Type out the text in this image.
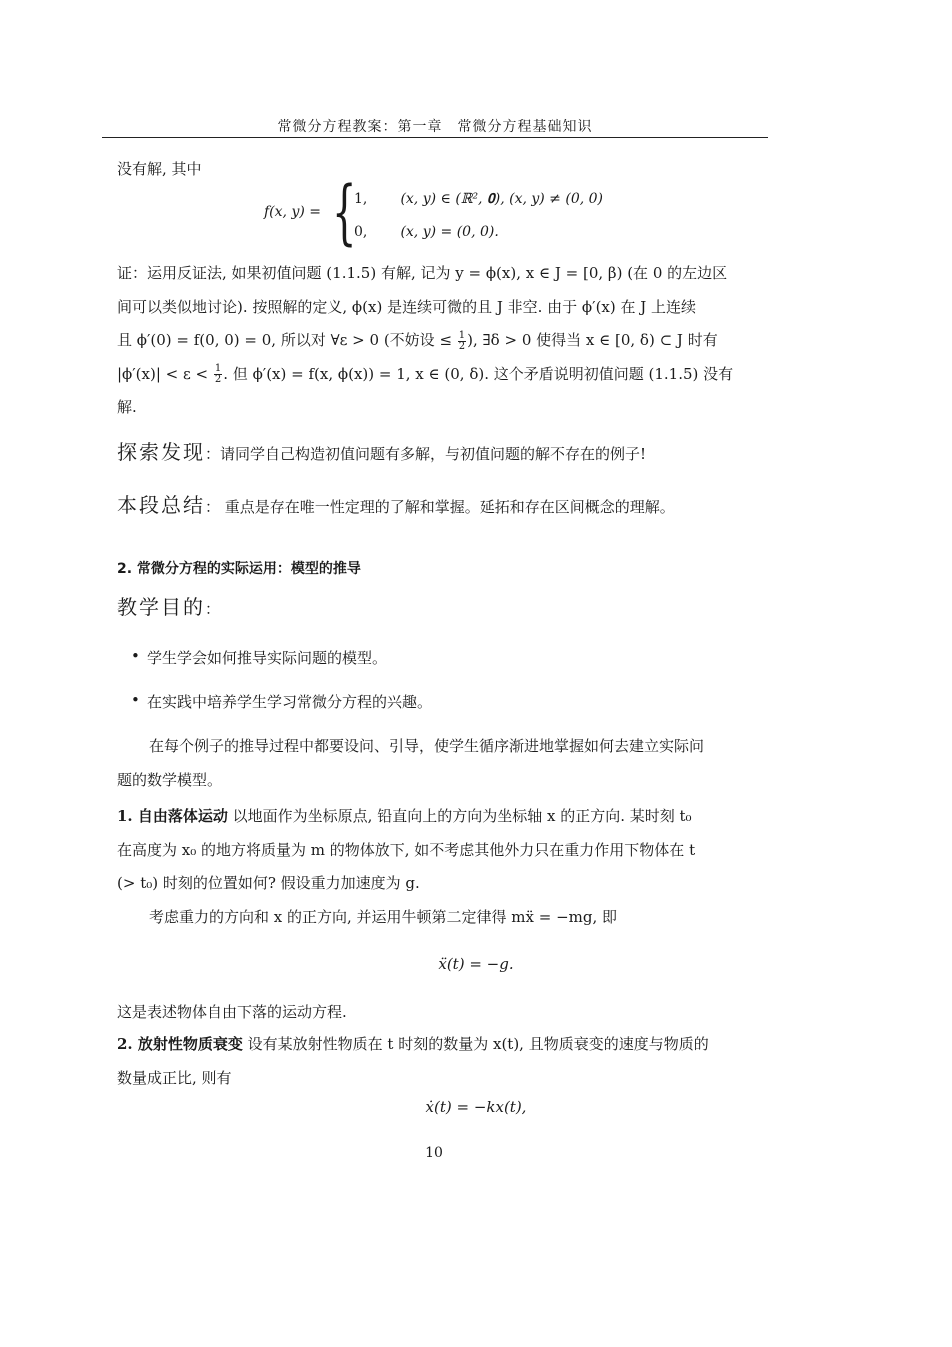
常微分方程教案：第一章　常微分方程基础知识
没有解, 其中
f(x, y) = {
1, (x, y) ∈ (ℝ², 𝟎), (x, y) ≠ (0, 0)
0, (x, y) = (0, 0).
证：运用反证法, 如果初值问题 (1.1.5) 有解, 记为 y = ϕ(x), x ∈ J = [0, β) (在 0 的左边区
间可以类似地讨论). 按照解的定义, ϕ(x) 是连续可微的且 J 非空. 由于 ϕ′(x) 在 J 上连续
且 ϕ′(0) = f(0, 0) = 0, 所以对 ∀ε > 0 (不妨设 ≤ $\frac{1}{2}$ ), ∃δ > 0 使得当 x ∈ [0, δ) ⊂ J 时有
$|\phi'(x)| < \varepsilon < \frac{1}{2}$ . 但 ϕ′(x) = f(x, ϕ(x)) = 1, x ∈ (0, δ). 这个矛盾说明初值问题 (1.1.5) 没有
解.
探索发现：请同学自己构造初值问题有多解，与初值问题的解不存在的例子!
本段总结： 重点是存在唯一性定理的了解和掌握。延拓和存在区间概念的理解。
2. 常微分方程的实际运用：模型的推导
教学目的：
• 学生学会如何推导实际问题的模型。
• 在实践中培养学生学习常微分方程的兴趣。
在每个例子的推导过程中都要设问、引导，使学生循序渐进地掌握如何去建立实际问
题的数学模型。
1. 自由落体运动 以地面作为坐标原点, 铅直向上的方向为坐标轴 x 的正方向. 某时刻 t₀
在高度为 x₀ 的地方将质量为 m 的物体放下, 如不考虑其他外力只在重力作用下物体在 t
(> t₀) 时刻的位置如何? 假设重力加速度为 g.
考虑重力的方向和 x 的正方向, 并运用牛顿第二定律得 mẍ = −mg, 即
ẍ(t) = −g.
这是表述物体自由下落的运动方程.
2. 放射性物质衰变 设有某放射性物质在 t 时刻的数量为 x(t), 且物质衰变的速度与物质的
数量成正比, 则有
ẋ(t) = −kx(t),
10
